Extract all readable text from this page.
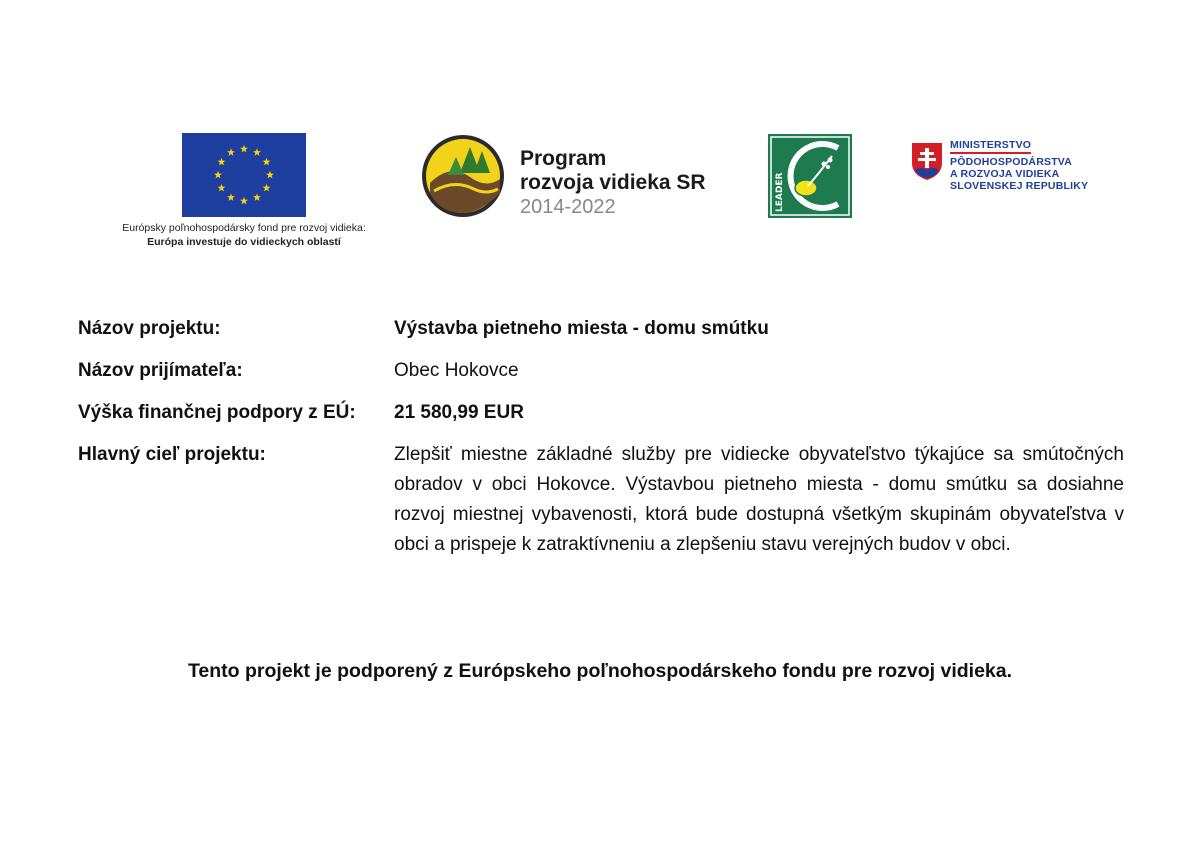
Európsky poľnohospodársky fond pre rozvoj vidieka:
Európa investuje do vidieckych oblastí
Program
rozvoja vidieka SR
2014-2022	LEADER
MINISTERSTVO
PÔDOHOSPODÁRSTVA
A ROZVOJA VIDIEKA
SLOVENSKEJ REPUBLIKY
Názov projektu:	Výstavba pietneho miesta - domu smútku
Názov prijímateľa:	Obec Hokovce
Výška finančnej podpory z EÚ:	21 580,99 EUR
Hlavný cieľ projektu:	Zlepšiť miestne základné služby pre vidiecke obyvateľstvo týkajúce sa smútočných obradov v obci Hokovce. Výstavbou pietneho miesta - domu smútku sa dosiahne rozvoj miestnej vybavenosti, ktorá bude dostupná všetkým skupinám obyvateľstva v obci a prispeje k zatraktívneniu a zlepšeniu stavu verejných budov v obci.
Tento projekt je podporený z Európskeho poľnohospodárskeho fondu pre rozvoj vidieka.
